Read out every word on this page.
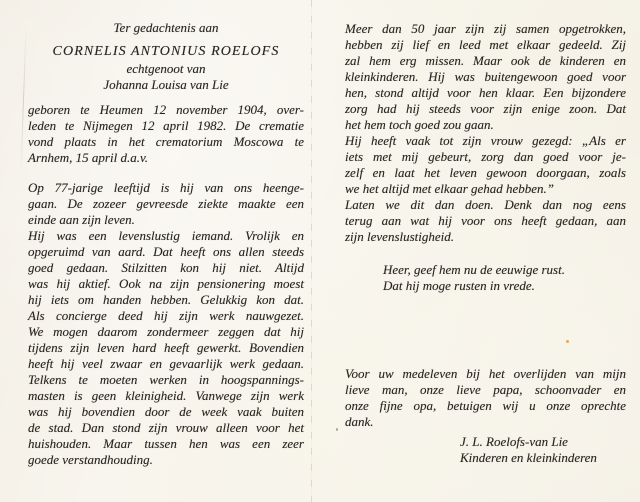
Ter gedachtenis aan
CORNELIS ANTONIUS ROELOFS
echtgenoot van
Johanna Louisa van Lie
geboren te Heumen 12 november 1904, over-
leden te Nijmegen 12 april 1982. De crematie
vond plaats in het crematorium Moscowa te
Arnhem, 15 april d.a.v.
Op 77-jarige leeftijd is hij van ons heenge-
gaan. De zozeer gevreesde ziekte maakte een
einde aan zijn leven.
Hij was een levenslustig iemand. Vrolijk en
opgeruimd van aard. Dat heeft ons allen steeds
goed gedaan. Stilzitten kon hij niet. Altijd
was hij aktief. Ook na zijn pensionering moest
hij iets om handen hebben. Gelukkig kon dat.
Als concierge deed hij zijn werk nauwgezet.
We mogen daarom zondermeer zeggen dat hij
tijdens zijn leven hard heeft gewerkt. Bovendien
heeft hij veel zwaar en gevaarlijk werk gedaan.
Telkens te moeten werken in hoogspannings-
masten is geen kleinigheid. Vanwege zijn werk
was hij bovendien door de week vaak buiten
de stad. Dan stond zijn vrouw alleen voor het
huishouden. Maar tussen hen was een zeer
goede verstandhouding.
Meer dan 50 jaar zijn zij samen opgetrokken,
hebben zij lief en leed met elkaar gedeeld. Zij
zal hem erg missen. Maar ook de kinderen en
kleinkinderen. Hij was buitengewoon goed voor
hen, stond altijd voor hen klaar. Een bijzondere
zorg had hij steeds voor zijn enige zoon. Dat
het hem toch goed zou gaan.
Hij heeft vaak tot zijn vrouw gezegd: „Als er
iets met mij gebeurt, zorg dan goed voor je-
zelf en laat het leven gewoon doorgaan, zoals
we het altijd met elkaar gehad hebben.”
Laten we dit dan doen. Denk dan nog eens
terug aan wat hij voor ons heeft gedaan, aan
zijn levenslustigheid.
Heer, geef hem nu de eeuwige rust.
Dat hij moge rusten in vrede.
Voor uw medeleven bij het overlijden van mijn
lieve man, onze lieve papa, schoonvader en
onze fijne opa, betuigen wij u onze oprechte
dank.
J. L. Roelofs-van Lie
Kinderen en kleinkinderen
